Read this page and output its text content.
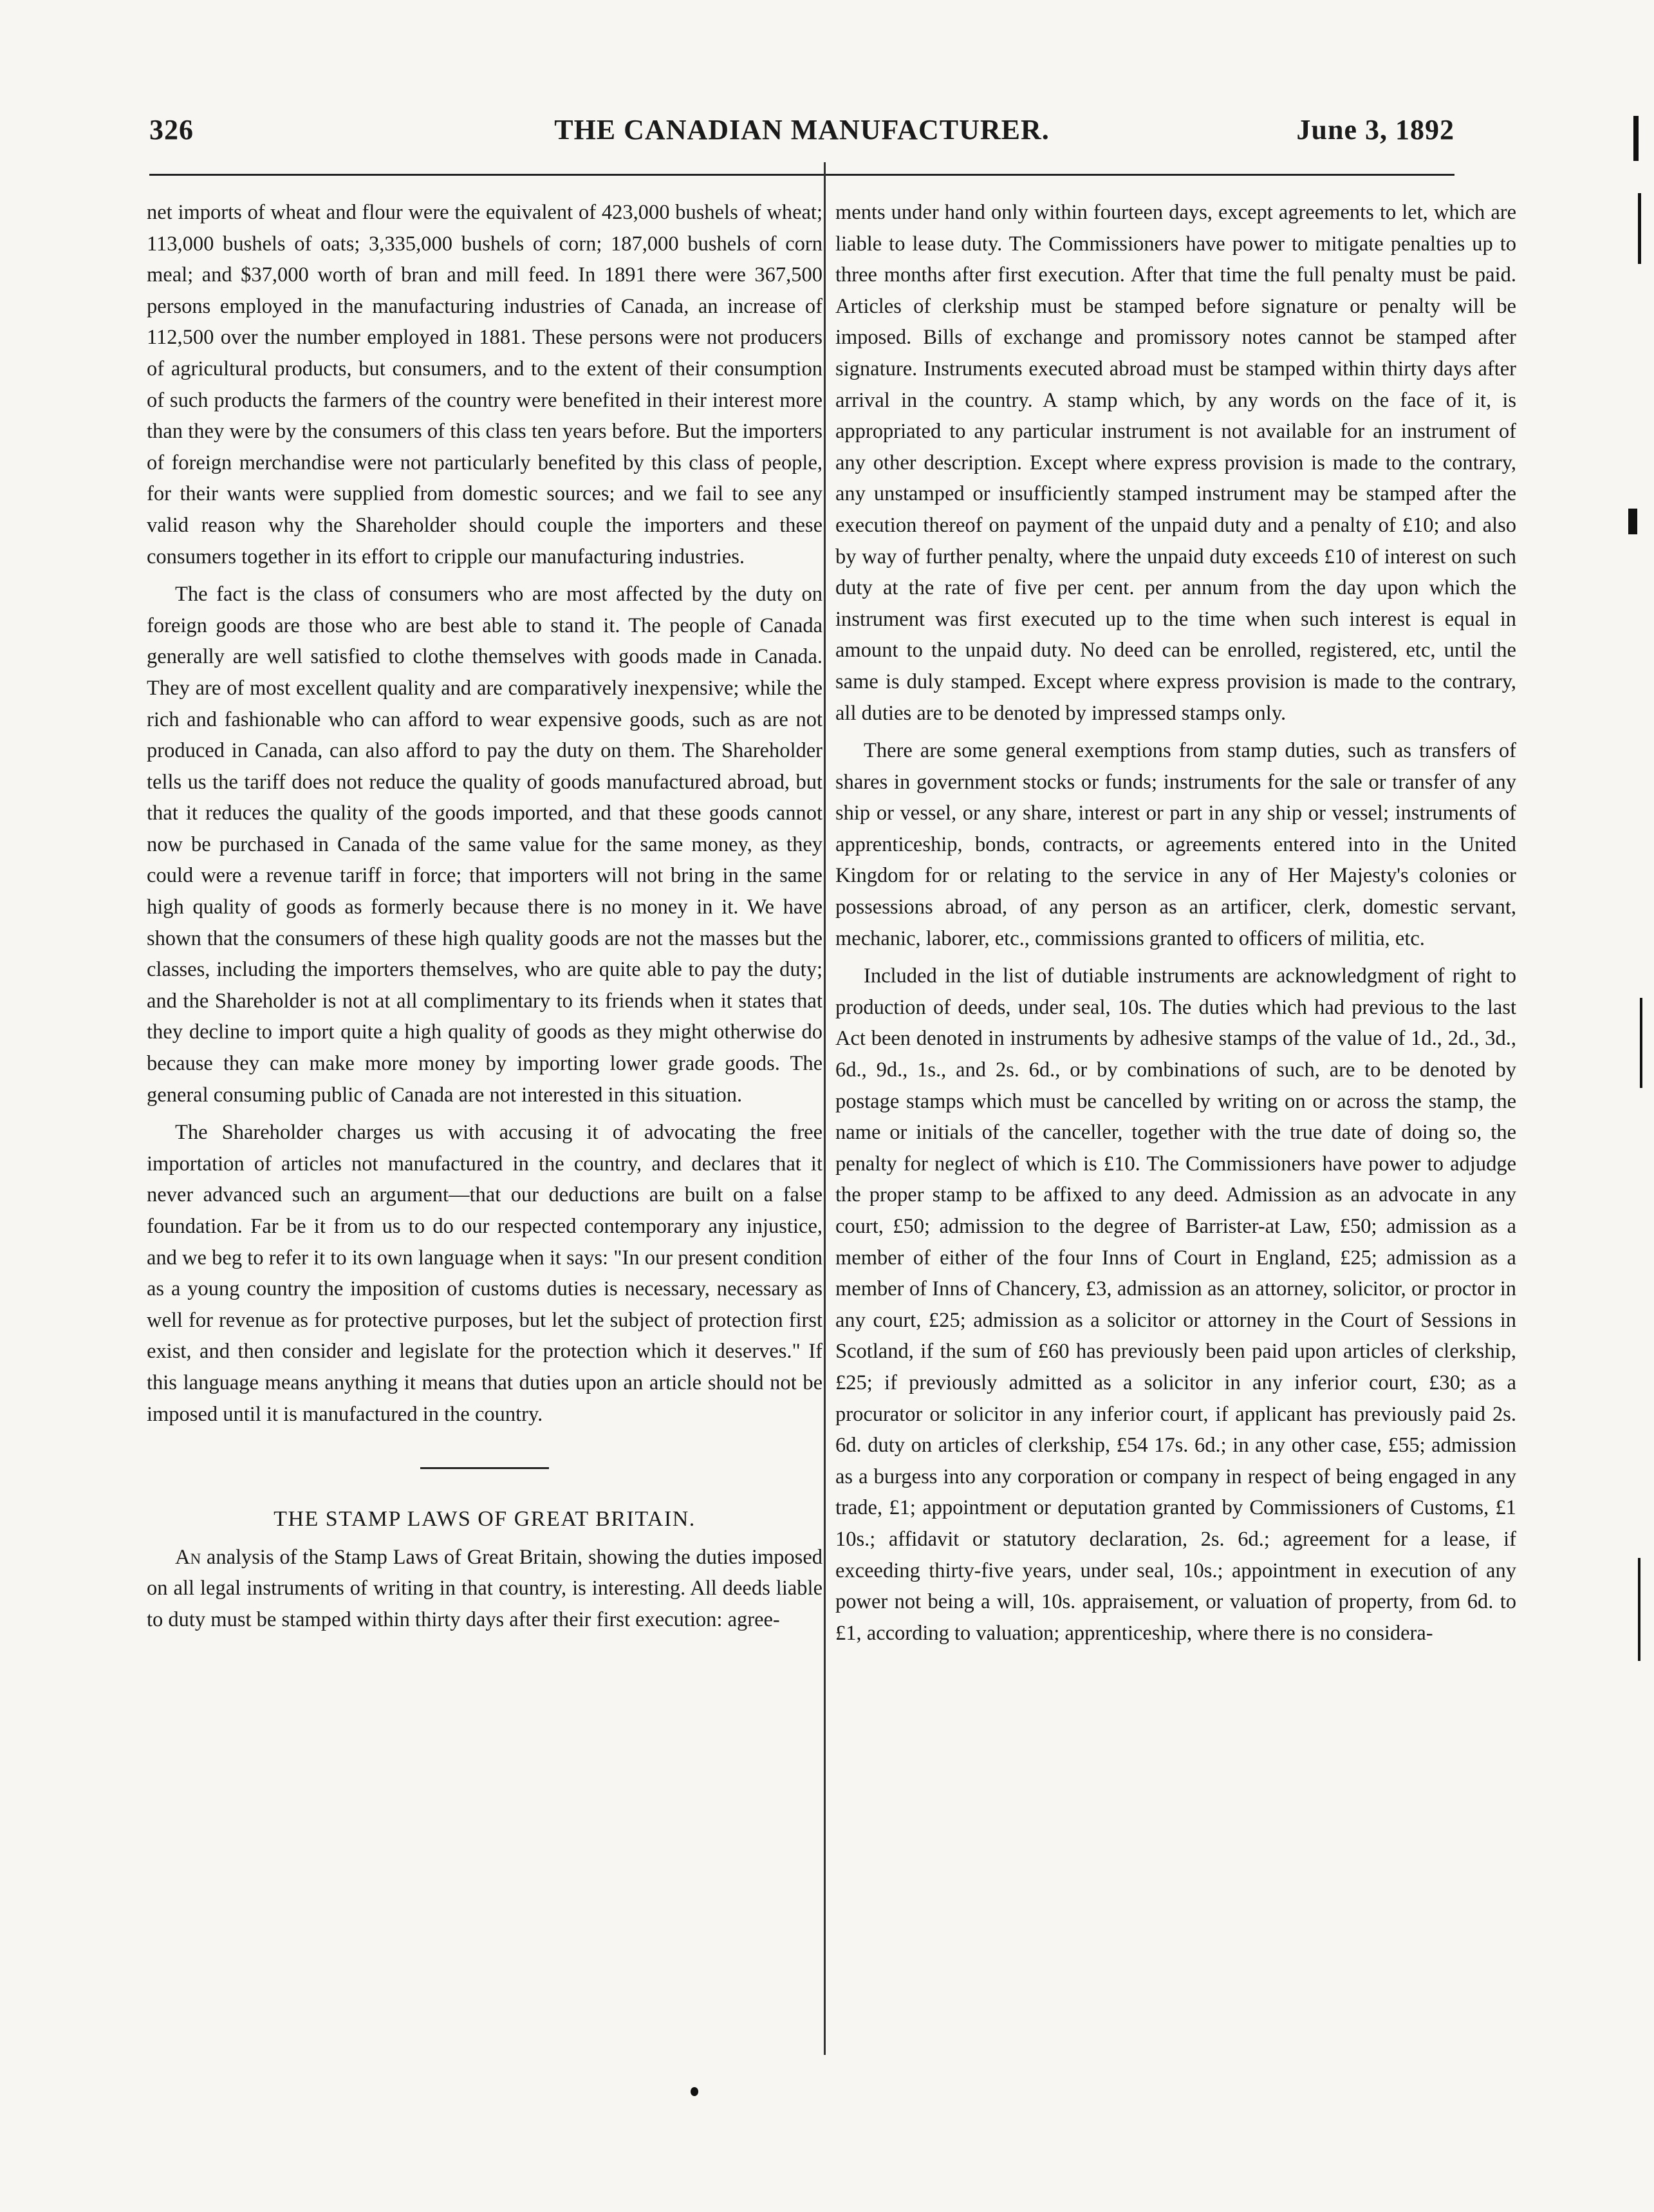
THE CANADIAN MANUFACTURER.
326	June 3, 1892

net imports of wheat and flour were the equivalent of 423,000 bushels of wheat; 113,000 bushels of oats; 3,335,000 bushels of corn; 187,000 bushels of corn meal; and $37,000 worth of bran and mill feed. In 1891 there were 367,500 persons employed in the manufacturing industries of Canada, an increase of 112,500 over the number employed in 1881. These persons were not producers of agricultural products, but consumers, and to the extent of their consumption of such products the farmers of the country were benefited in their interest more than they were by the consumers of this class ten years before. But the importers of foreign merchandise were not particularly benefited by this class of people, for their wants were supplied from domestic sources; and we fail to see any valid reason why the Shareholder should couple the importers and these consumers together in its effort to cripple our manufacturing industries.

The fact is the class of consumers who are most affected by the duty on foreign goods are those who are best able to stand it. The people of Canada generally are well satisfied to clothe themselves with goods made in Canada. They are of most excellent quality and are comparatively inexpensive; while the rich and fashionable who can afford to wear expensive goods, such as are not produced in Canada, can also afford to pay the duty on them. The Shareholder tells us the tariff does not reduce the quality of goods manufactured abroad, but that it reduces the quality of the goods imported, and that these goods cannot now be purchased in Canada of the same value for the same money, as they could were a revenue tariff in force; that importers will not bring in the same high quality of goods as formerly because there is no money in it. We have shown that the consumers of these high quality goods are not the masses but the classes, including the importers themselves, who are quite able to pay the duty; and the Shareholder is not at all complimentary to its friends when it states that they decline to import quite a high quality of goods as they might otherwise do because they can make more money by importing lower grade goods. The general consuming public of Canada are not interested in this situation.

The Shareholder charges us with accusing it of advocating the free importation of articles not manufactured in the country, and declares that it never advanced such an argument—that our deductions are built on a false foundation. Far be it from us to do our respected contemporary any injustice, and we beg to refer it to its own language when it says: "In our present condition as a young country the imposition of customs duties is necessary, necessary as well for revenue as for protective purposes, but let the subject of protection first exist, and then consider and legislate for the protection which it deserves." If this language means anything it means that duties upon an article should not be imposed until it is manufactured in the country.

THE STAMP LAWS OF GREAT BRITAIN.

An analysis of the Stamp Laws of Great Britain, showing the duties imposed on all legal instruments of writing in that country, is interesting. All deeds liable to duty must be stamped within thirty days after their first execution: agree-

ments under hand only within fourteen days, except agreements to let, which are liable to lease duty. The Commissioners have power to mitigate penalties up to three months after first execution. After that time the full penalty must be paid. Articles of clerkship must be stamped before signature or penalty will be imposed. Bills of exchange and promissory notes cannot be stamped after signature. Instruments executed abroad must be stamped within thirty days after arrival in the country. A stamp which, by any words on the face of it, is appropriated to any particular instrument is not available for an instrument of any other description. Except where express provision is made to the contrary, any unstamped or insufficiently stamped instrument may be stamped after the execution thereof on payment of the unpaid duty and a penalty of £10; and also by way of further penalty, where the unpaid duty exceeds £10 of interest on such duty at the rate of five per cent. per annum from the day upon which the instrument was first executed up to the time when such interest is equal in amount to the unpaid duty. No deed can be enrolled, registered, etc, until the same is duly stamped. Except where express provision is made to the contrary, all duties are to be denoted by impressed stamps only.

There are some general exemptions from stamp duties, such as transfers of shares in government stocks or funds; instruments for the sale or transfer of any ship or vessel, or any share, interest or part in any ship or vessel; instruments of apprenticeship, bonds, contracts, or agreements entered into in the United Kingdom for or relating to the service in any of Her Majesty's colonies or possessions abroad, of any person as an artificer, clerk, domestic servant, mechanic, laborer, etc., commissions granted to officers of militia, etc.

Included in the list of dutiable instruments are acknowledgment of right to production of deeds, under seal, 10s. The duties which had previous to the last Act been denoted in instruments by adhesive stamps of the value of 1d., 2d., 3d., 6d., 9d., 1s., and 2s. 6d., or by combinations of such, are to be denoted by postage stamps which must be cancelled by writing on or across the stamp, the name or initials of the canceller, together with the true date of doing so, the penalty for neglect of which is £10. The Commissioners have power to adjudge the proper stamp to be affixed to any deed. Admission as an advocate in any court, £50; admission to the degree of Barrister-at Law, £50; admission as a member of either of the four Inns of Court in England, £25; admission as a member of Inns of Chancery, £3, admission as an attorney, solicitor, or proctor in any court, £25; admission as a solicitor or attorney in the Court of Sessions in Scotland, if the sum of £60 has previously been paid upon articles of clerkship, £25; if previously admitted as a solicitor in any inferior court, £30; as a procurator or solicitor in any inferior court, if applicant has previously paid 2s. 6d. duty on articles of clerkship, £54 17s. 6d.; in any other case, £55; admission as a burgess into any corporation or company in respect of being engaged in any trade, £1; appointment or deputation granted by Commissioners of Customs, £1 10s.; affidavit or statutory declaration, 2s. 6d.; agreement for a lease, if exceeding thirty-five years, under seal, 10s.; appointment in execution of any power not being a will, 10s. appraisement, or valuation of property, from 6d. to £1, according to valuation; apprenticeship, where there is no considera-
